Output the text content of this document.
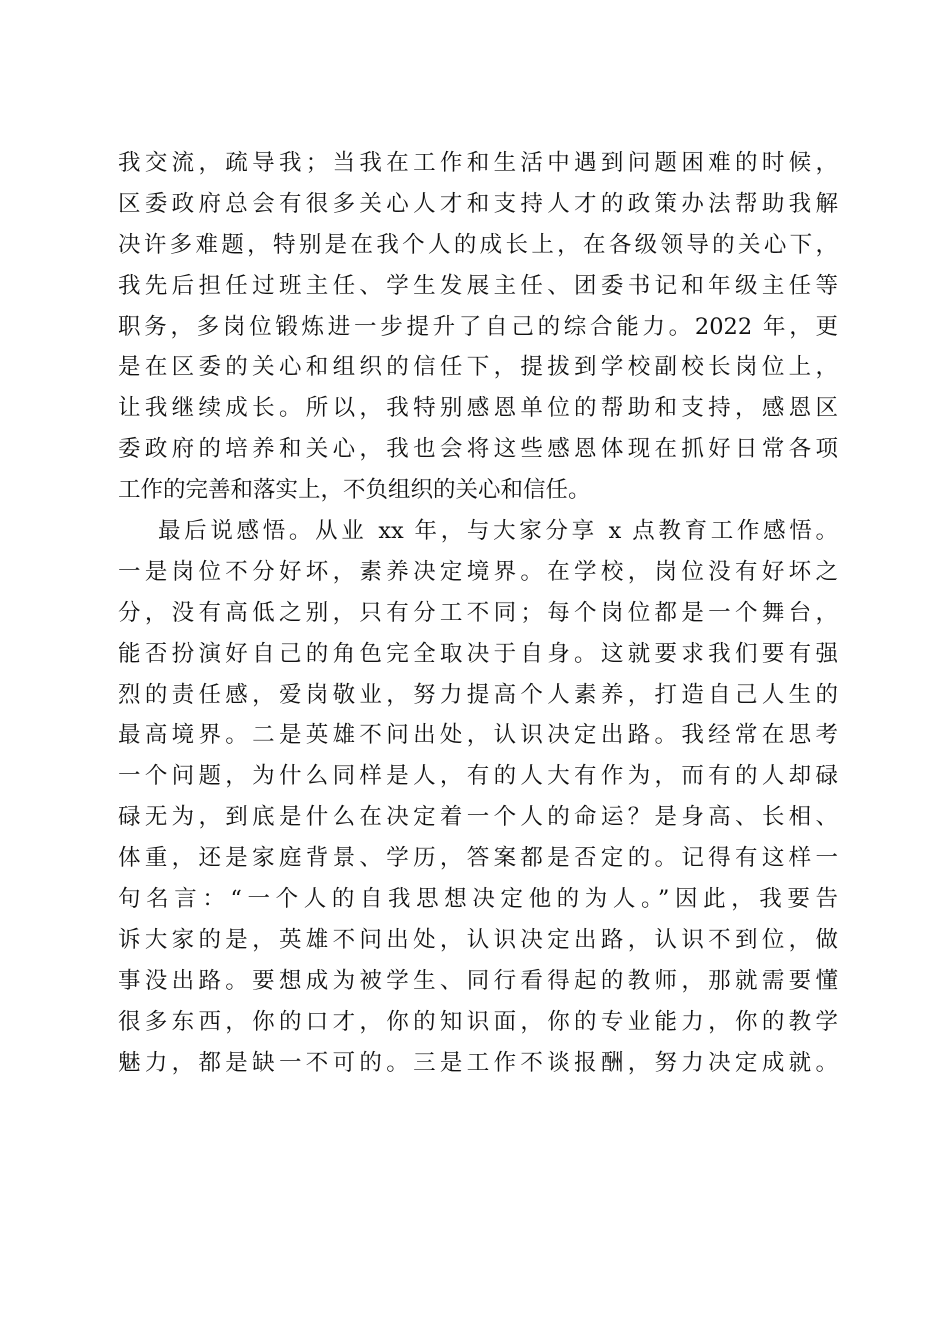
我交流，疏导我；当我在工作和生活中遇到问题困难的时候，
区委政府总会有很多关心人才和支持人才的政策办法帮助我解
决许多难题，特别是在我个人的成长上，在各级领导的关心下，
我先后担任过班主任、学生发展主任、团委书记和年级主任等
职务，多岗位锻炼进一步提升了自己的综合能力。2022 年，更
是在区委的关心和组织的信任下，提拔到学校副校长岗位上，
让我继续成长。所以，我特别感恩单位的帮助和支持，感恩区
委政府的培养和关心，我也会将这些感恩体现在抓好日常各项
工作的完善和落实上，不负组织的关心和信任。
最后说感悟。从业 xx 年，与大家分享 x 点教育工作感悟。
一是岗位不分好坏，素养决定境界。在学校，岗位没有好坏之
分，没有高低之别，只有分工不同；每个岗位都是一个舞台，
能否扮演好自己的角色完全取决于自身。这就要求我们要有强
烈的责任感，爱岗敬业，努力提高个人素养，打造自己人生的
最高境界。二是英雄不问出处，认识决定出路。我经常在思考
一个问题，为什么同样是人，有的人大有作为，而有的人却碌
碌无为，到底是什么在决定着一个人的命运？是身高、长相、
体重，还是家庭背景、学历，答案都是否定的。记得有这样一
句名言：“一个人的自我思想决定他的为人。”因此，我要告
诉大家的是，英雄不问出处，认识决定出路，认识不到位，做
事没出路。要想成为被学生、同行看得起的教师，那就需要懂
很多东西，你的口才，你的知识面，你的专业能力，你的教学
魅力，都是缺一不可的。三是工作不谈报酬，努力决定成就。
